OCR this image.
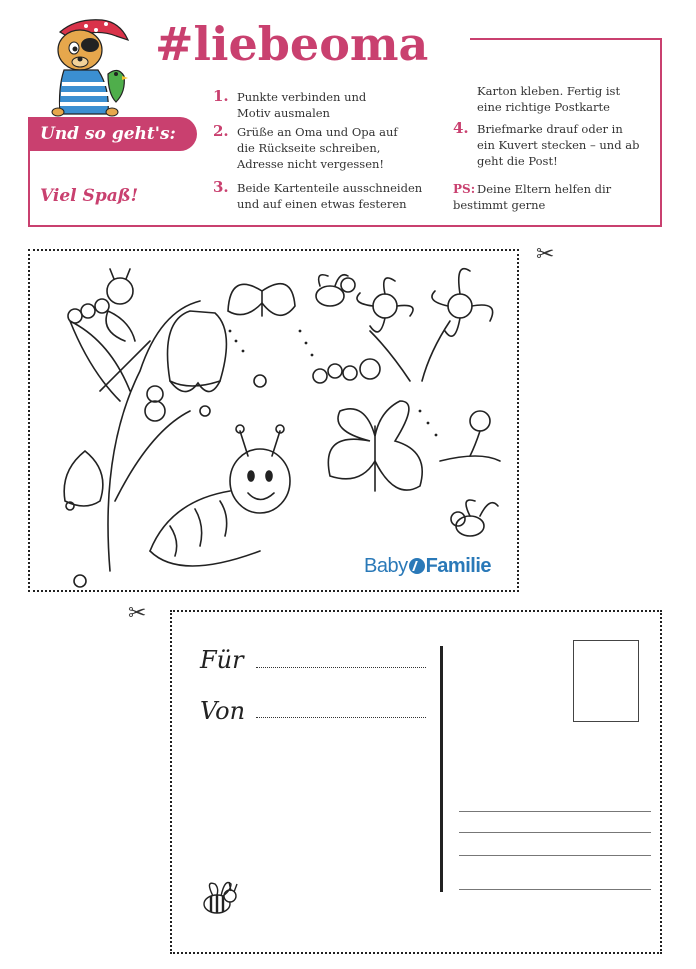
#liebeoma
Und so geht's:
Viel Spaß!
1. Punkte verbinden und
Motiv ausmalen
2. Grüße an Oma und Opa auf
die Rückseite schreiben,
Adresse nicht vergessen!
3. Beide Kartenteile ausschneiden
und auf einen etwas festeren
Karton kleben. Fertig ist
eine richtige Postkarte
4. Briefmarke drauf oder in
ein Kuvert stecken – und ab
geht die Post!
PS: Deine Eltern helfen dir
bestimmt gerne
✂
Baby Familie
✂
Für
Von
